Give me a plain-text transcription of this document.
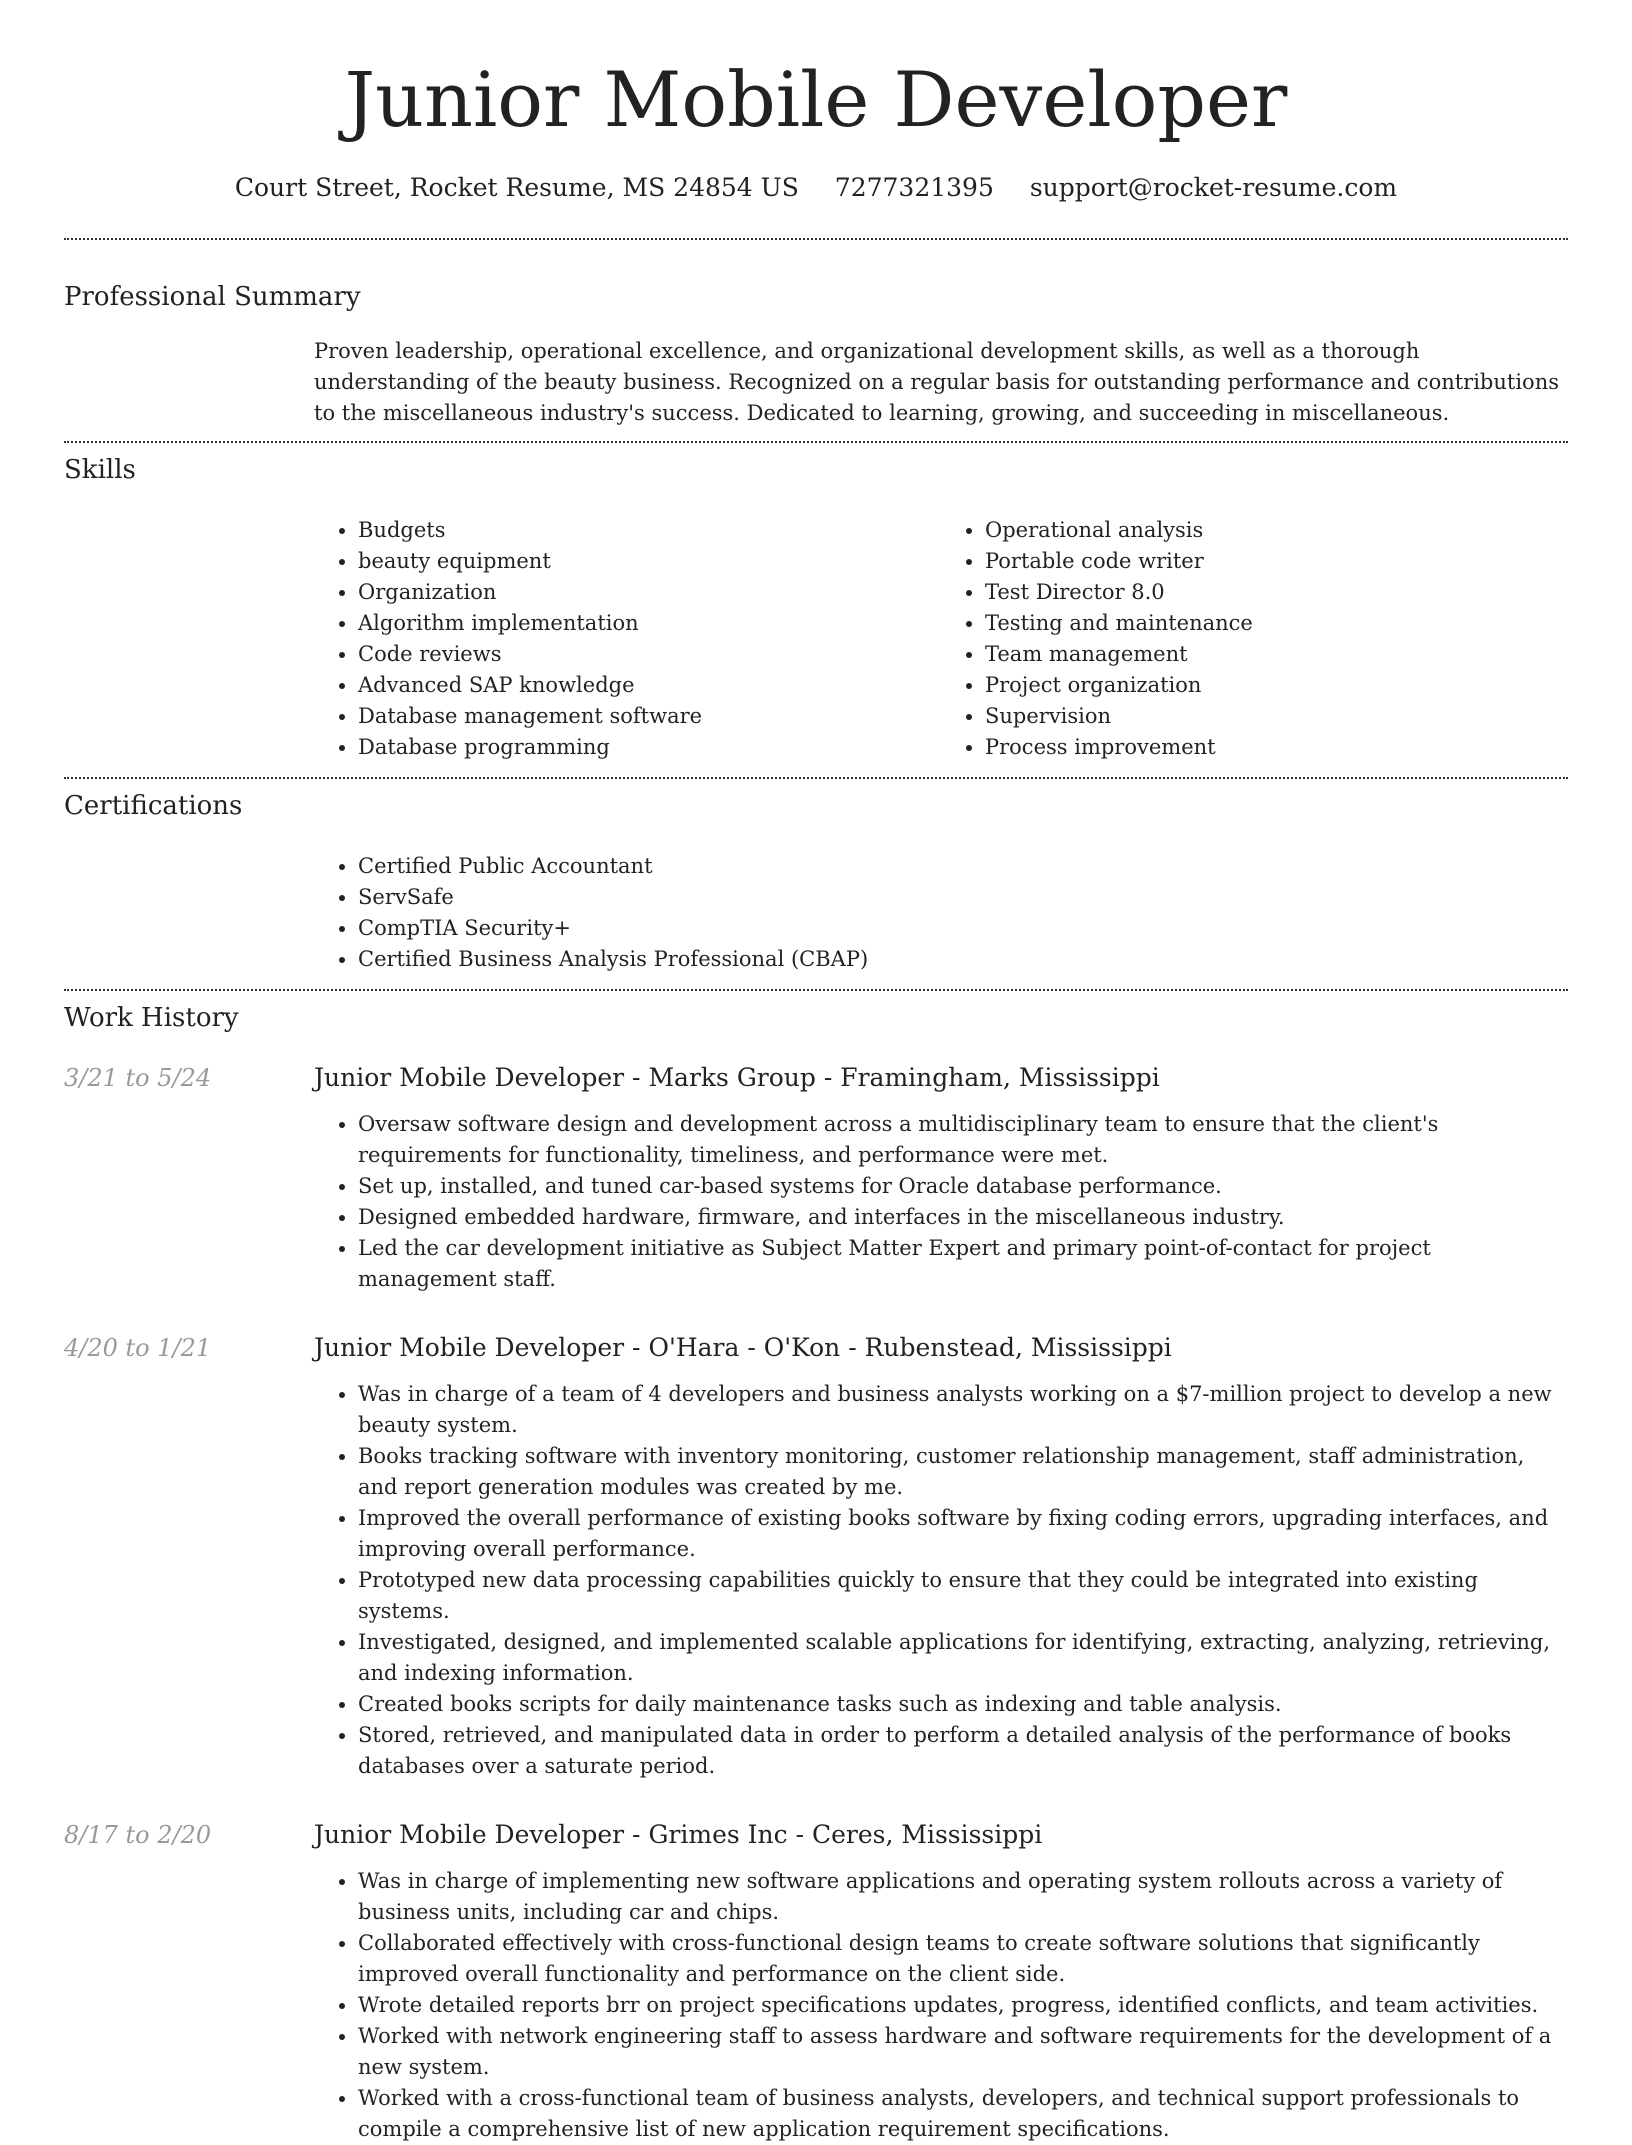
Junior Mobile Developer
Court Street, Rocket Resume, MS 24854 US 7277321395 support@rocket-resume.com
Professional Summary

Proven leadership, operational excellence, and organizational development skills, as well as a thorough understanding of the beauty business. Recognized on a regular basis for outstanding performance and contributions to the miscellaneous industry's success. Dedicated to learning, growing, and succeeding in miscellaneous.

Skills
• Budgets
• beauty equipment
• Organization
• Algorithm implementation
• Code reviews
• Advanced SAP knowledge
• Database management software
• Database programming
• Operational analysis
• Portable code writer
• Test Director 8.0
• Testing and maintenance
• Team management
• Project organization
• Supervision
• Process improvement
Certifications
• Certified Public Accountant
• ServSafe
• CompTIA Security+
• Certified Business Analysis Professional (CBAP)
Work History
3/21 to 5/24	Junior Mobile Developer - Marks Group - Framingham, Mississippi
• Oversaw software design and development across a multidisciplinary team to ensure that the client's requirements for functionality, timeliness, and performance were met.
• Set up, installed, and tuned car-based systems for Oracle database performance.
• Designed embedded hardware, firmware, and interfaces in the miscellaneous industry.
• Led the car development initiative as Subject Matter Expert and primary point-of-contact for project management staff.
4/20 to 1/21	Junior Mobile Developer - O'Hara - O'Kon - Rubenstead, Mississippi
• Was in charge of a team of 4 developers and business analysts working on a $7-million project to develop a new beauty system.
• Books tracking software with inventory monitoring, customer relationship management, staff administration, and report generation modules was created by me.
• Improved the overall performance of existing books software by fixing coding errors, upgrading interfaces, and improving overall performance.
• Prototyped new data processing capabilities quickly to ensure that they could be integrated into existing systems.
• Investigated, designed, and implemented scalable applications for identifying, extracting, analyzing, retrieving, and indexing information.
• Created books scripts for daily maintenance tasks such as indexing and table analysis.
• Stored, retrieved, and manipulated data in order to perform a detailed analysis of the performance of books databases over a saturate period.
8/17 to 2/20	Junior Mobile Developer - Grimes Inc - Ceres, Mississippi
• Was in charge of implementing new software applications and operating system rollouts across a variety of business units, including car and chips.
• Collaborated effectively with cross-functional design teams to create software solutions that significantly improved overall functionality and performance on the client side.
• Wrote detailed reports brr on project specifications updates, progress, identified conflicts, and team activities.
• Worked with network engineering staff to assess hardware and software requirements for the development of a new system.
• Worked with a cross-functional team of business analysts, developers, and technical support professionals to compile a comprehensive list of new application requirement specifications.
